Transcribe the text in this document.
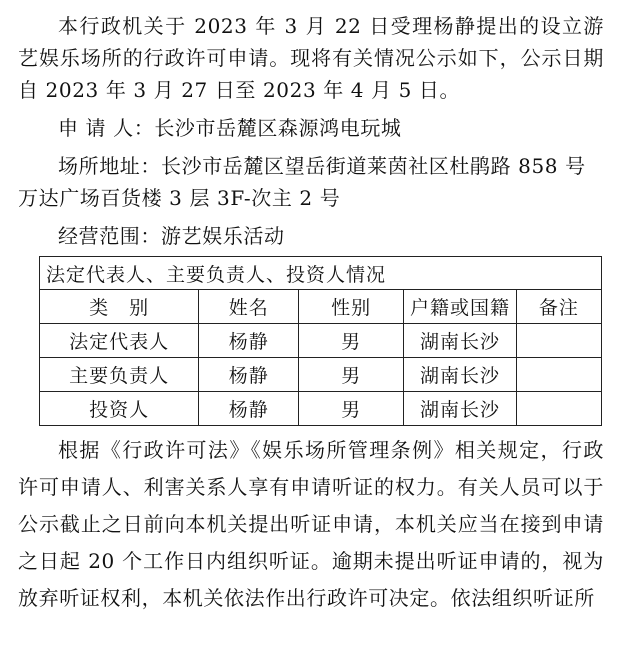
本行政机关于 2023 年 3 月 22 日受理杨静提出的设立游艺娱乐场所的行政许可申请。现将有关情况公示如下，公示日期自 2023 年 3 月 27 日至 2023 年 4 月 5 日。

申 请 人：长沙市岳麓区森源鸿电玩城

场所地址：长沙市岳麓区望岳街道莱茵社区杜鹃路 858 号万达广场百货楼 3 层 3F-次主 2 号

经营范围：游艺娱乐活动

法定代表人、主要负责人、投资人情况				
类　别	姓名	性别	户籍或国籍	备注
法定代表人	杨静	男	湖南长沙	
主要负责人	杨静	男	湖南长沙	
投资人	杨静	男	湖南长沙	

根据《行政许可法》《娱乐场所管理条例》相关规定，行政许可申请人、利害关系人享有申请听证的权力。有关人员可以于公示截止之日前向本机关提出听证申请，本机关应当在接到申请之日起 20 个工作日内组织听证。逾期未提出听证申请的，视为放弃听证权利，本机关依法作出行政许可决定。依法组织听证所
